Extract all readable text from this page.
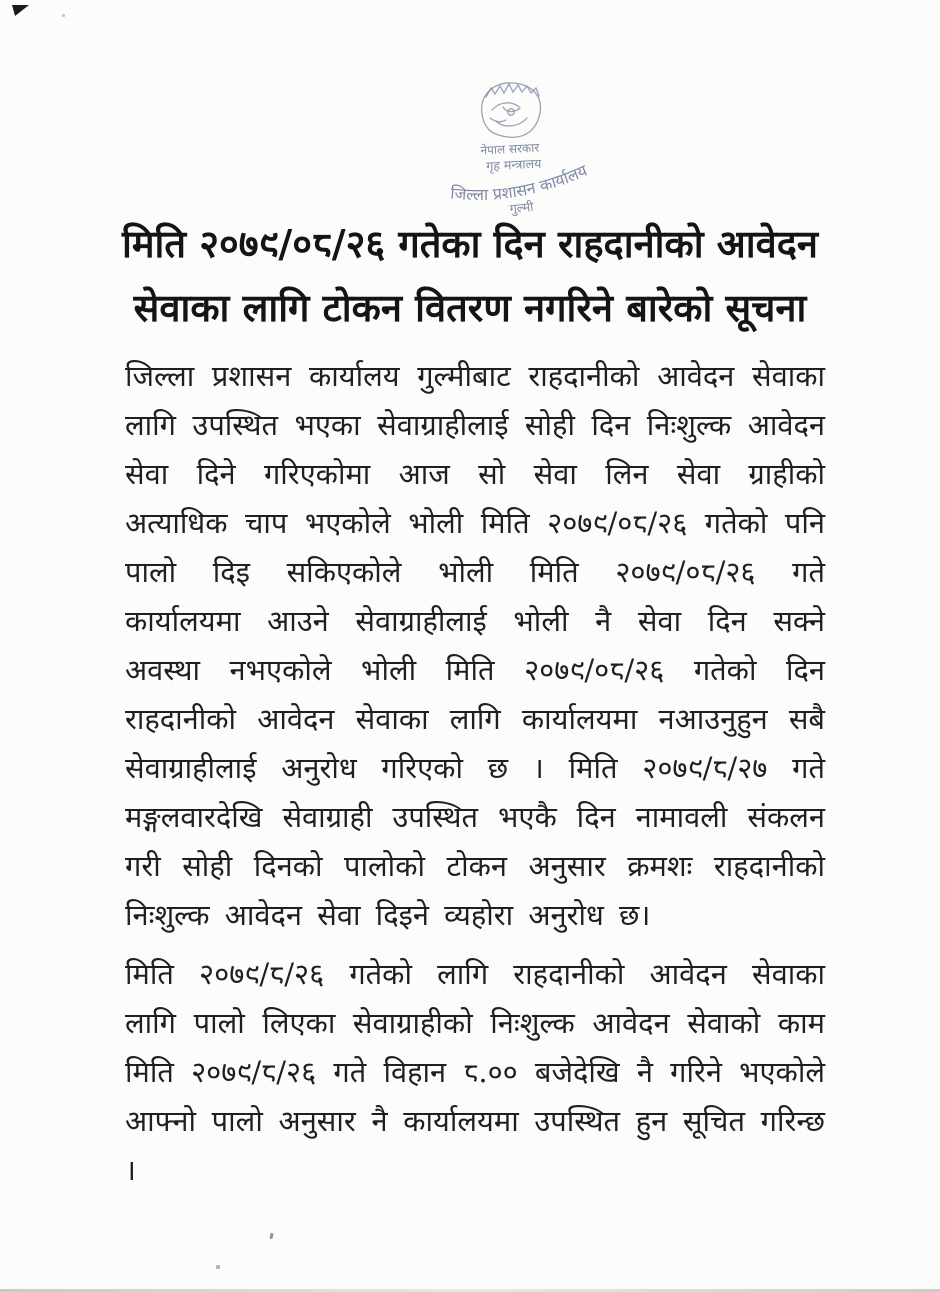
नेपाल सरकार
गृह मन्त्रालय
जिल्ला प्रशासन कार्यालय
गुल्मी
मिति २०७९/०८/२६ गतेका दिन राहदानीको आवेदन
सेवाका लागि टोकन वितरण नगरिने बारेको सूचना

जिल्ला प्रशासन कार्यालय गुल्मीबाट राहदानीको आवेदन सेवाका लागि उपस्थित भएका सेवाग्राहीलाई सोही दिन निःशुल्क आवेदन सेवा दिने गरिएकोमा आज सो सेवा लिन सेवा ग्राहीको अत्याधिक चाप भएकोले भोली मिति २०७९/०८/२६ गतेको पनि पालो दिइ सकिएकोले भोली मिति २०७९/०८/२६ गते कार्यालयमा आउने सेवाग्राहीलाई भोली नै सेवा दिन सक्ने अवस्था नभएकोले भोली मिति २०७९/०८/२६ गतेको दिन राहदानीको आवेदन सेवाका लागि कार्यालयमा नआउनुहुन सबै सेवाग्राहीलाई अनुरोध गरिएको छ । मिति २०७९/८/२७ गते मङ्गलवारदेखि सेवाग्राही उपस्थित भएकै दिन नामावली संकलन गरी सोही दिनको पालोको टोकन अनुसार क्रमशः राहदानीको निःशुल्क आवेदन सेवा दिइने व्यहोरा अनुरोध छ।

मिति २०७९/८/२६ गतेको लागि राहदानीको आवेदन सेवाका लागि पालो लिएका सेवाग्राहीको निःशुल्क आवेदन सेवाको काम मिति २०७९/८/२६ गते विहान ८.०० बजेदेखि नै गरिने भएकोले आफ्नो पालो अनुसार नै कार्यालयमा उपस्थित हुन सूचित गरिन्छ ।
